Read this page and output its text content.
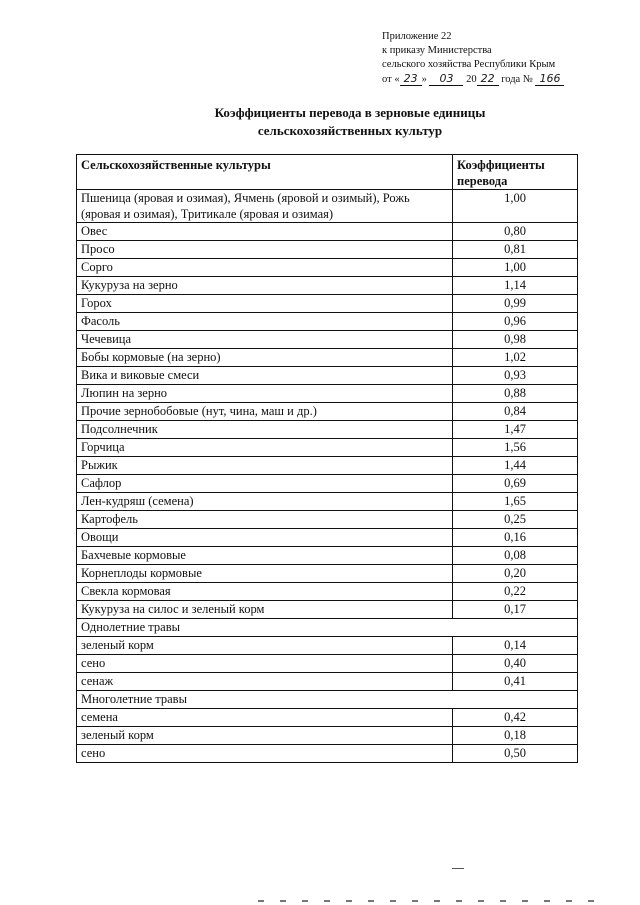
Приложение 22
к приказу Министерства
сельского хозяйства Республики Крым
от « 23 » 03 20 22 года № 166
Коэффициенты перевода в зерновые единицы
сельскохозяйственных культур
Сельскохозяйственные культуры	Коэффициенты перевода
Пшеница (яровая и озимая), Ячмень (яровой и озимый), Рожь (яровая и озимая), Тритикале (яровая и озимая)	1,00
Овес	0,80
Просо	0,81
Сорго	1,00
Кукуруза на зерно	1,14
Горох	0,99
Фасоль	0,96
Чечевица	0,98
Бобы кормовые (на зерно)	1,02
Вика и виковые смеси	0,93
Люпин на зерно	0,88
Прочие зернобобовые (нут, чина, маш и др.)	0,84
Подсолнечник	1,47
Горчица	1,56
Рыжик	1,44
Сафлор	0,69
Лен-кудряш (семена)	1,65
Картофель	0,25
Овощи	0,16
Бахчевые кормовые	0,08
Корнеплоды кормовые	0,20
Свекла кормовая	0,22
Кукуруза на силос и зеленый корм	0,17
Однолетние травы	
зеленый корм	0,14
сено	0,40
сенаж	0,41
Многолетние травы	
семена	0,42
зеленый корм	0,18
сено	0,50
